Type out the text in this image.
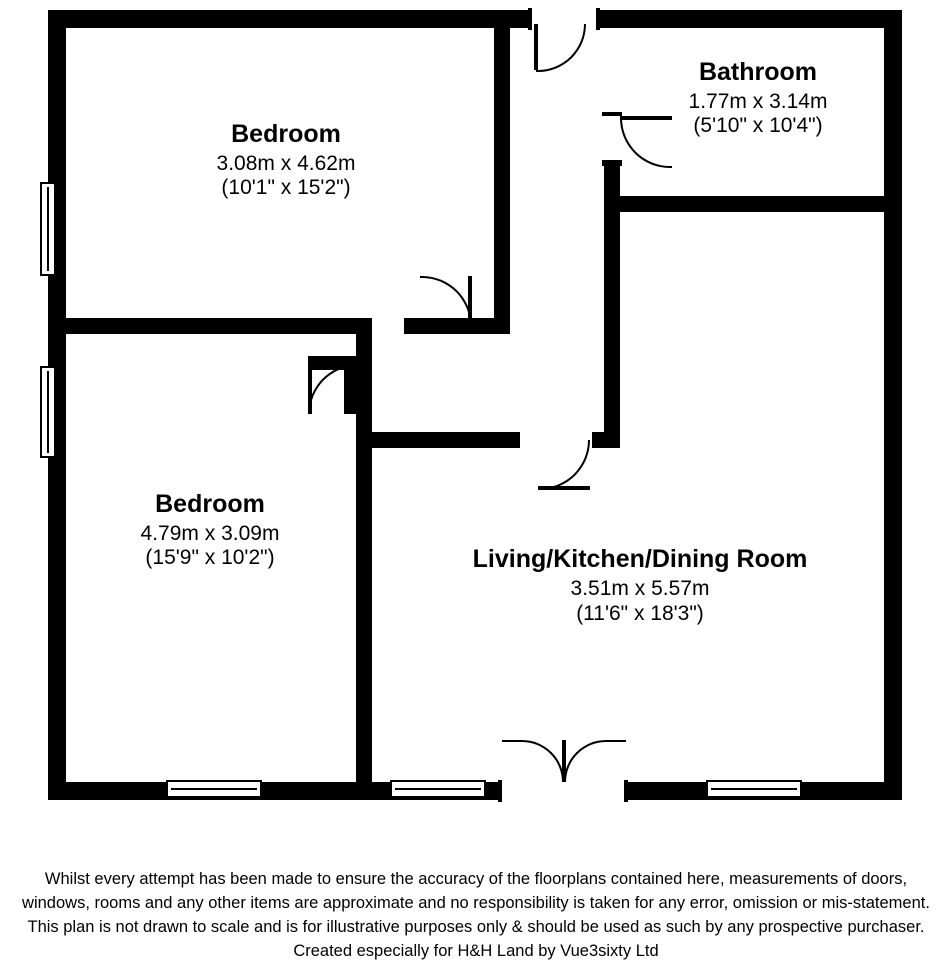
Bedroom
3.08m x 4.62m
(10'1" x 15'2")
Bathroom
1.77m x 3.14m
(5'10" x 10'4")
Bedroom
4.79m x 3.09m
(15'9" x 10'2")	Living/Kitchen/Dining Room
3.51m x 5.57m
(11'6" x 18'3")
Whilst every attempt has been made to ensure the accuracy of the floorplans contained here, measurements of doors,
windows, rooms and any other items are approximate and no responsibility is taken for any error, omission or mis-statement.
This plan is not drawn to scale and is for illustrative purposes only & should be used as such by any prospective purchaser.
Created especially for H&H Land by Vue3sixty Ltd
